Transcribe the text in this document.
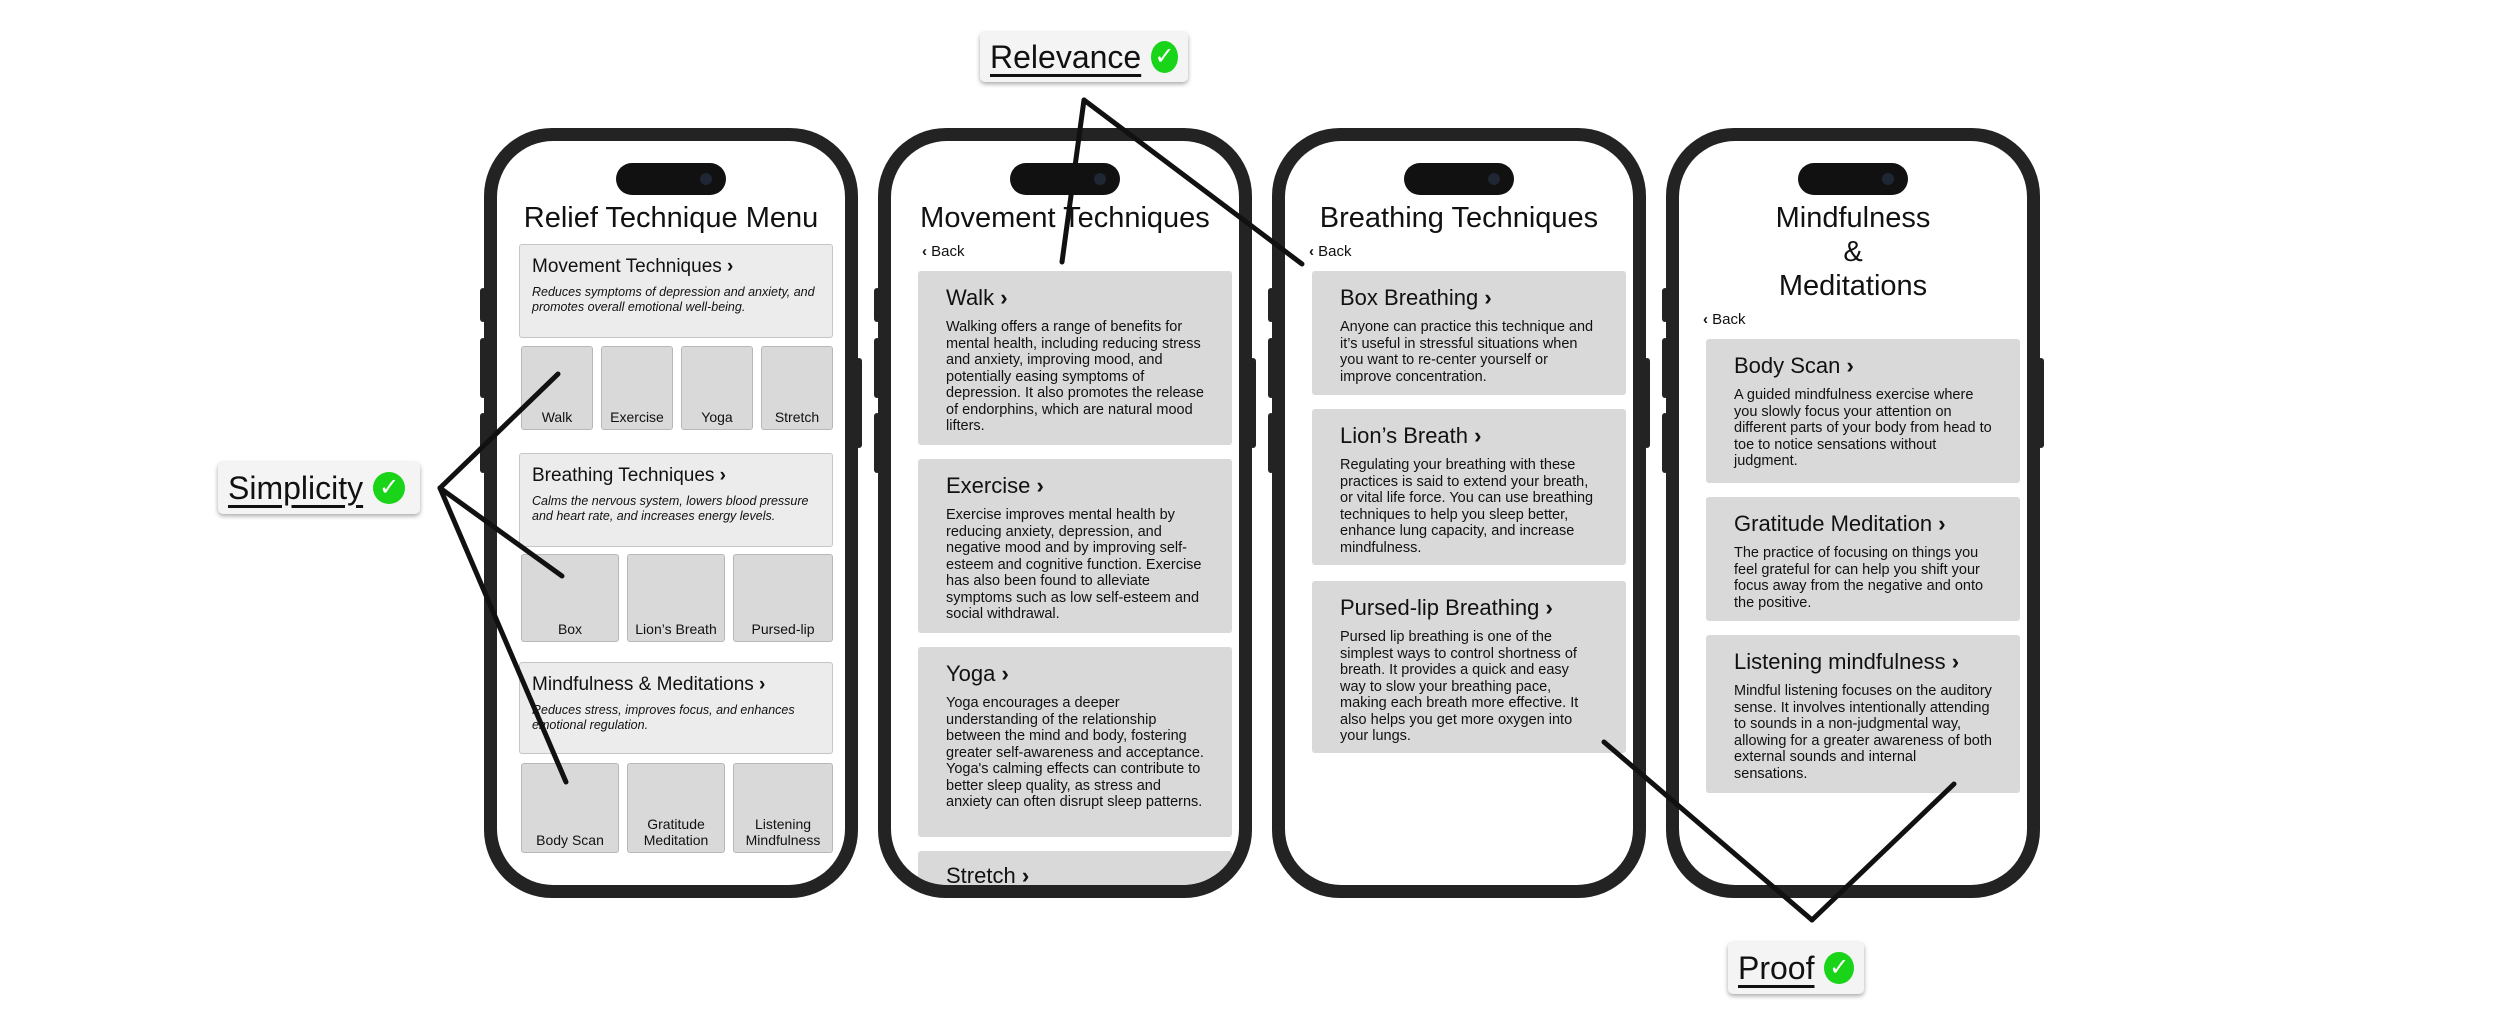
Relief Technique Menu
Movement Techniques ›
Reduces symptoms of depression and anxiety, and promotes overall emotional well-being.
Walk	Exercise	Yoga	Stretch
Breathing Techniques ›
Calms the nervous system, lowers blood pressure and heart rate, and increases energy levels.
Box	Lion’s Breath	Pursed-lip
Mindfulness & Meditations ›
Reduces stress, improves focus, and enhances emotional regulation.
Body Scan
Gratitude Meditation
Listening Mindfulness
Movement Techniques
‹ Back
Walk ›
Walking offers a range of benefits for mental health, including reducing stress and anxiety, improving mood, and potentially easing symptoms of depression. It also promotes the release of endorphins, which are natural mood lifters.
Exercise ›
Exercise improves mental health by reducing anxiety, depression, and negative mood and by improving self-esteem and cognitive function. Exercise has also been found to alleviate symptoms such as low self-esteem and social withdrawal.
Yoga ›
Yoga encourages a deeper understanding of the relationship between the mind and body, fostering greater self-awareness and acceptance. Yoga's calming effects can contribute to better sleep quality, as stress and anxiety can often disrupt sleep patterns.
Stretch ›
Breathing Techniques
‹ Back
Box Breathing ›
Anyone can practice this technique and it’s useful in stressful situations when you want to re-center yourself or improve concentration.
Lion’s Breath ›
Regulating your breathing with these practices is said to extend your breath, or vital life force. You can use breathing techniques to help you sleep better, enhance lung capacity, and increase mindfulness.
Pursed-lip Breathing ›
Pursed lip breathing is one of the simplest ways to control shortness of breath. It provides a quick and easy way to slow your breathing pace, making each breath more effective. It also helps you get more oxygen into your lungs.
Mindfulness
&
Meditations
‹ Back
Body Scan ›
A guided mindfulness exercise where you slowly focus your attention on different parts of your body from head to toe to notice sensations without judgment.
Gratitude Meditation ›
The practice of focusing on things you feel grateful for can help you shift your focus away from the negative and onto the positive.
Listening mindfulness ›
Mindful listening focuses on the auditory sense. It involves intentionally attending to sounds in a non-judgmental way, allowing for a greater awareness of both external sounds and internal sensations.
Relevance ✓
Simplicity ✓
Proof ✓
